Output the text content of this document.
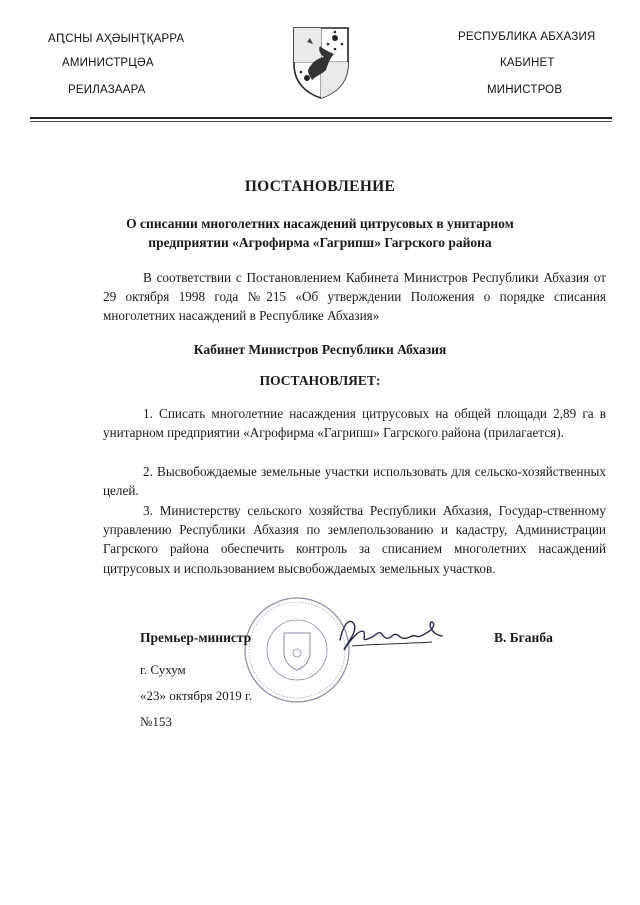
АԤСНЫ АҲӘЫНҬҚАРРА
АМИНИСТРЦӘА
РЕИЛАЗААРА
РЕСПУБЛИКА АБХАЗИЯ
КАБИНЕТ
МИНИСТРОВ
ПОСТАНОВЛЕНИЕ
О списании многолетних насаждений цитрусовых в унитарном предприятии «Агрофирма «Гагрипш» Гагрского района
В соответствии с Постановлением Кабинета Министров Республики Абхазия от 29 октября 1998 года №215 «Об утверждении Положения о порядке списания многолетних насаждений в Республике Абхазия»
Кабинет Министров Республики Абхазия
ПОСТАНОВЛЯЕТ:
1. Списать многолетние насаждения цитрусовых на общей площади 2,89 га в унитарном предприятии «Агрофирма «Гагрипш» Гагрского района (прилагается).
2. Высвобождаемые земельные участки использовать для сельско-хозяйственных целей.
3. Министерству сельского хозяйства Республики Абхазия, Государ-ственному управлению Республики Абхазия по землепользованию и кадастру, Администрации Гагрского района обеспечить контроль за списанием многолетних насаждений цитрусовых и использованием высвобождаемых земельных участков.
Премьер-министр	В. Бганба
г. Сухум
«23» октября 2019 г.
№153
